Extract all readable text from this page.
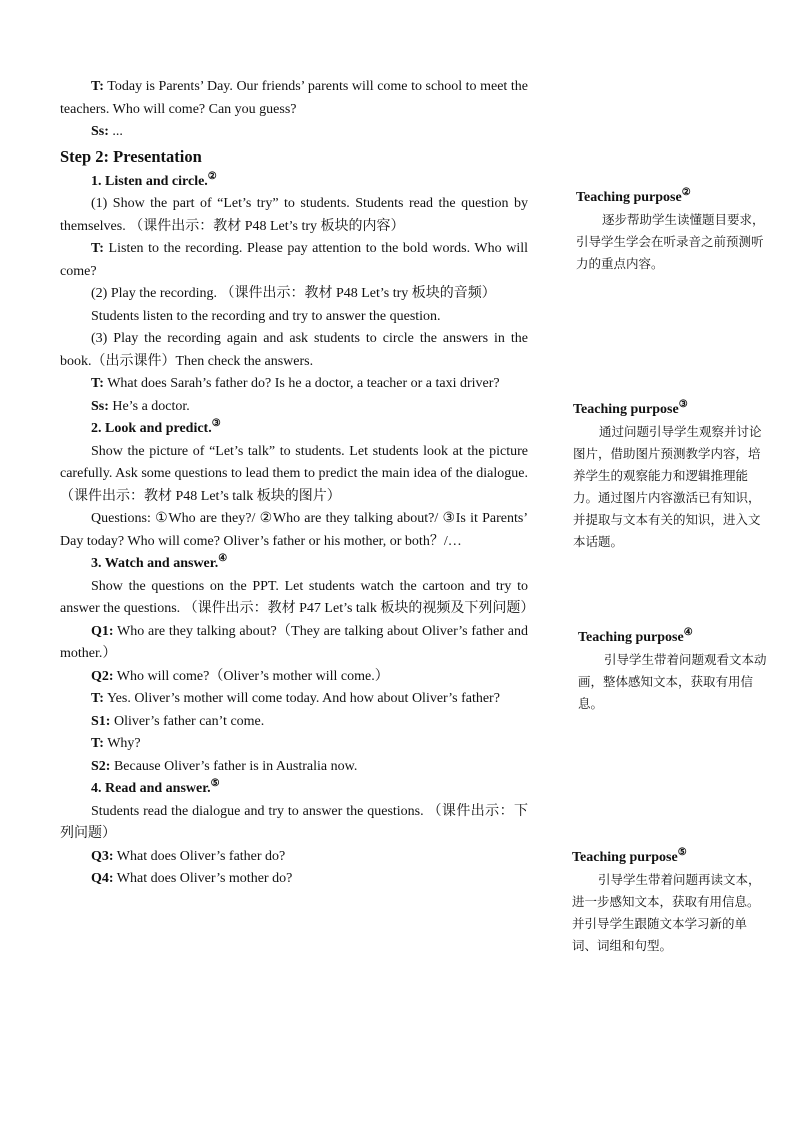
T: Today is Parents’ Day. Our friends’ parents will come to school to meet the teachers. Who will come? Can you guess?

Ss: ...

Step 2: Presentation

1. Listen and circle.②

(1) Show the part of “Let’s try” to students. Students read the question by themselves. （课件出示：教材 P48 Let’s try 板块的内容）

T: Listen to the recording. Please pay attention to the bold words. Who will come?

(2) Play the recording. （课件出示：教材 P48 Let’s try 板块的音频）

Students listen to the recording and try to answer the question.

(3) Play the recording again and ask students to circle the answers in the book.（出示课件）Then check the answers.

T: What does Sarah’s father do? Is he a doctor, a teacher or a taxi driver?

Ss: He’s a doctor.

2. Look and predict.③

Show the picture of “Let’s talk” to students. Let students look at the picture carefully. Ask some questions to lead them to predict the main idea of the dialogue. （课件出示：教材 P48 Let’s talk 板块的图片）

Questions: ①Who are they?/ ②Who are they talking about?/ ③Is it Parents’ Day today? Who will come? Oliver’s father or his mother, or both？/…

3. Watch and answer.④

Show the questions on the PPT. Let students watch the cartoon and try to answer the questions. （课件出示：教材 P47 Let’s talk 板块的视频及下列问题）

Q1: Who are they talking about?（They are talking about Oliver’s father and mother.）

Q2: Who will come?（Oliver’s mother will come.）

T: Yes. Oliver’s mother will come today. And how about Oliver’s father?

S1: Oliver’s father can’t come.

T: Why?

S2: Because Oliver’s father is in Australia now.

4. Read and answer.⑤

Students read the dialogue and try to answer the questions. （课件出示：下列问题）

Q3: What does Oliver’s father do?

Q4: What does Oliver’s mother do?

Teaching purpose②

逐步帮助学生读懂题目要求，引导学生学会在听录音之前预测听力的重点内容。

Teaching purpose③

通过问题引导学生观察并讨论图片，借助图片预测教学内容，培养学生的观察能力和逻辑推理能力。通过图片内容激活已有知识，并提取与文本有关的知识，进入文本话题。

Teaching purpose④

引导学生带着问题观看文本动画，整体感知文本，获取有用信息。

Teaching purpose⑤

引导学生带着问题再读文本，进一步感知文本，获取有用信息。并引导学生跟随文本学习新的单词、词组和句型。
